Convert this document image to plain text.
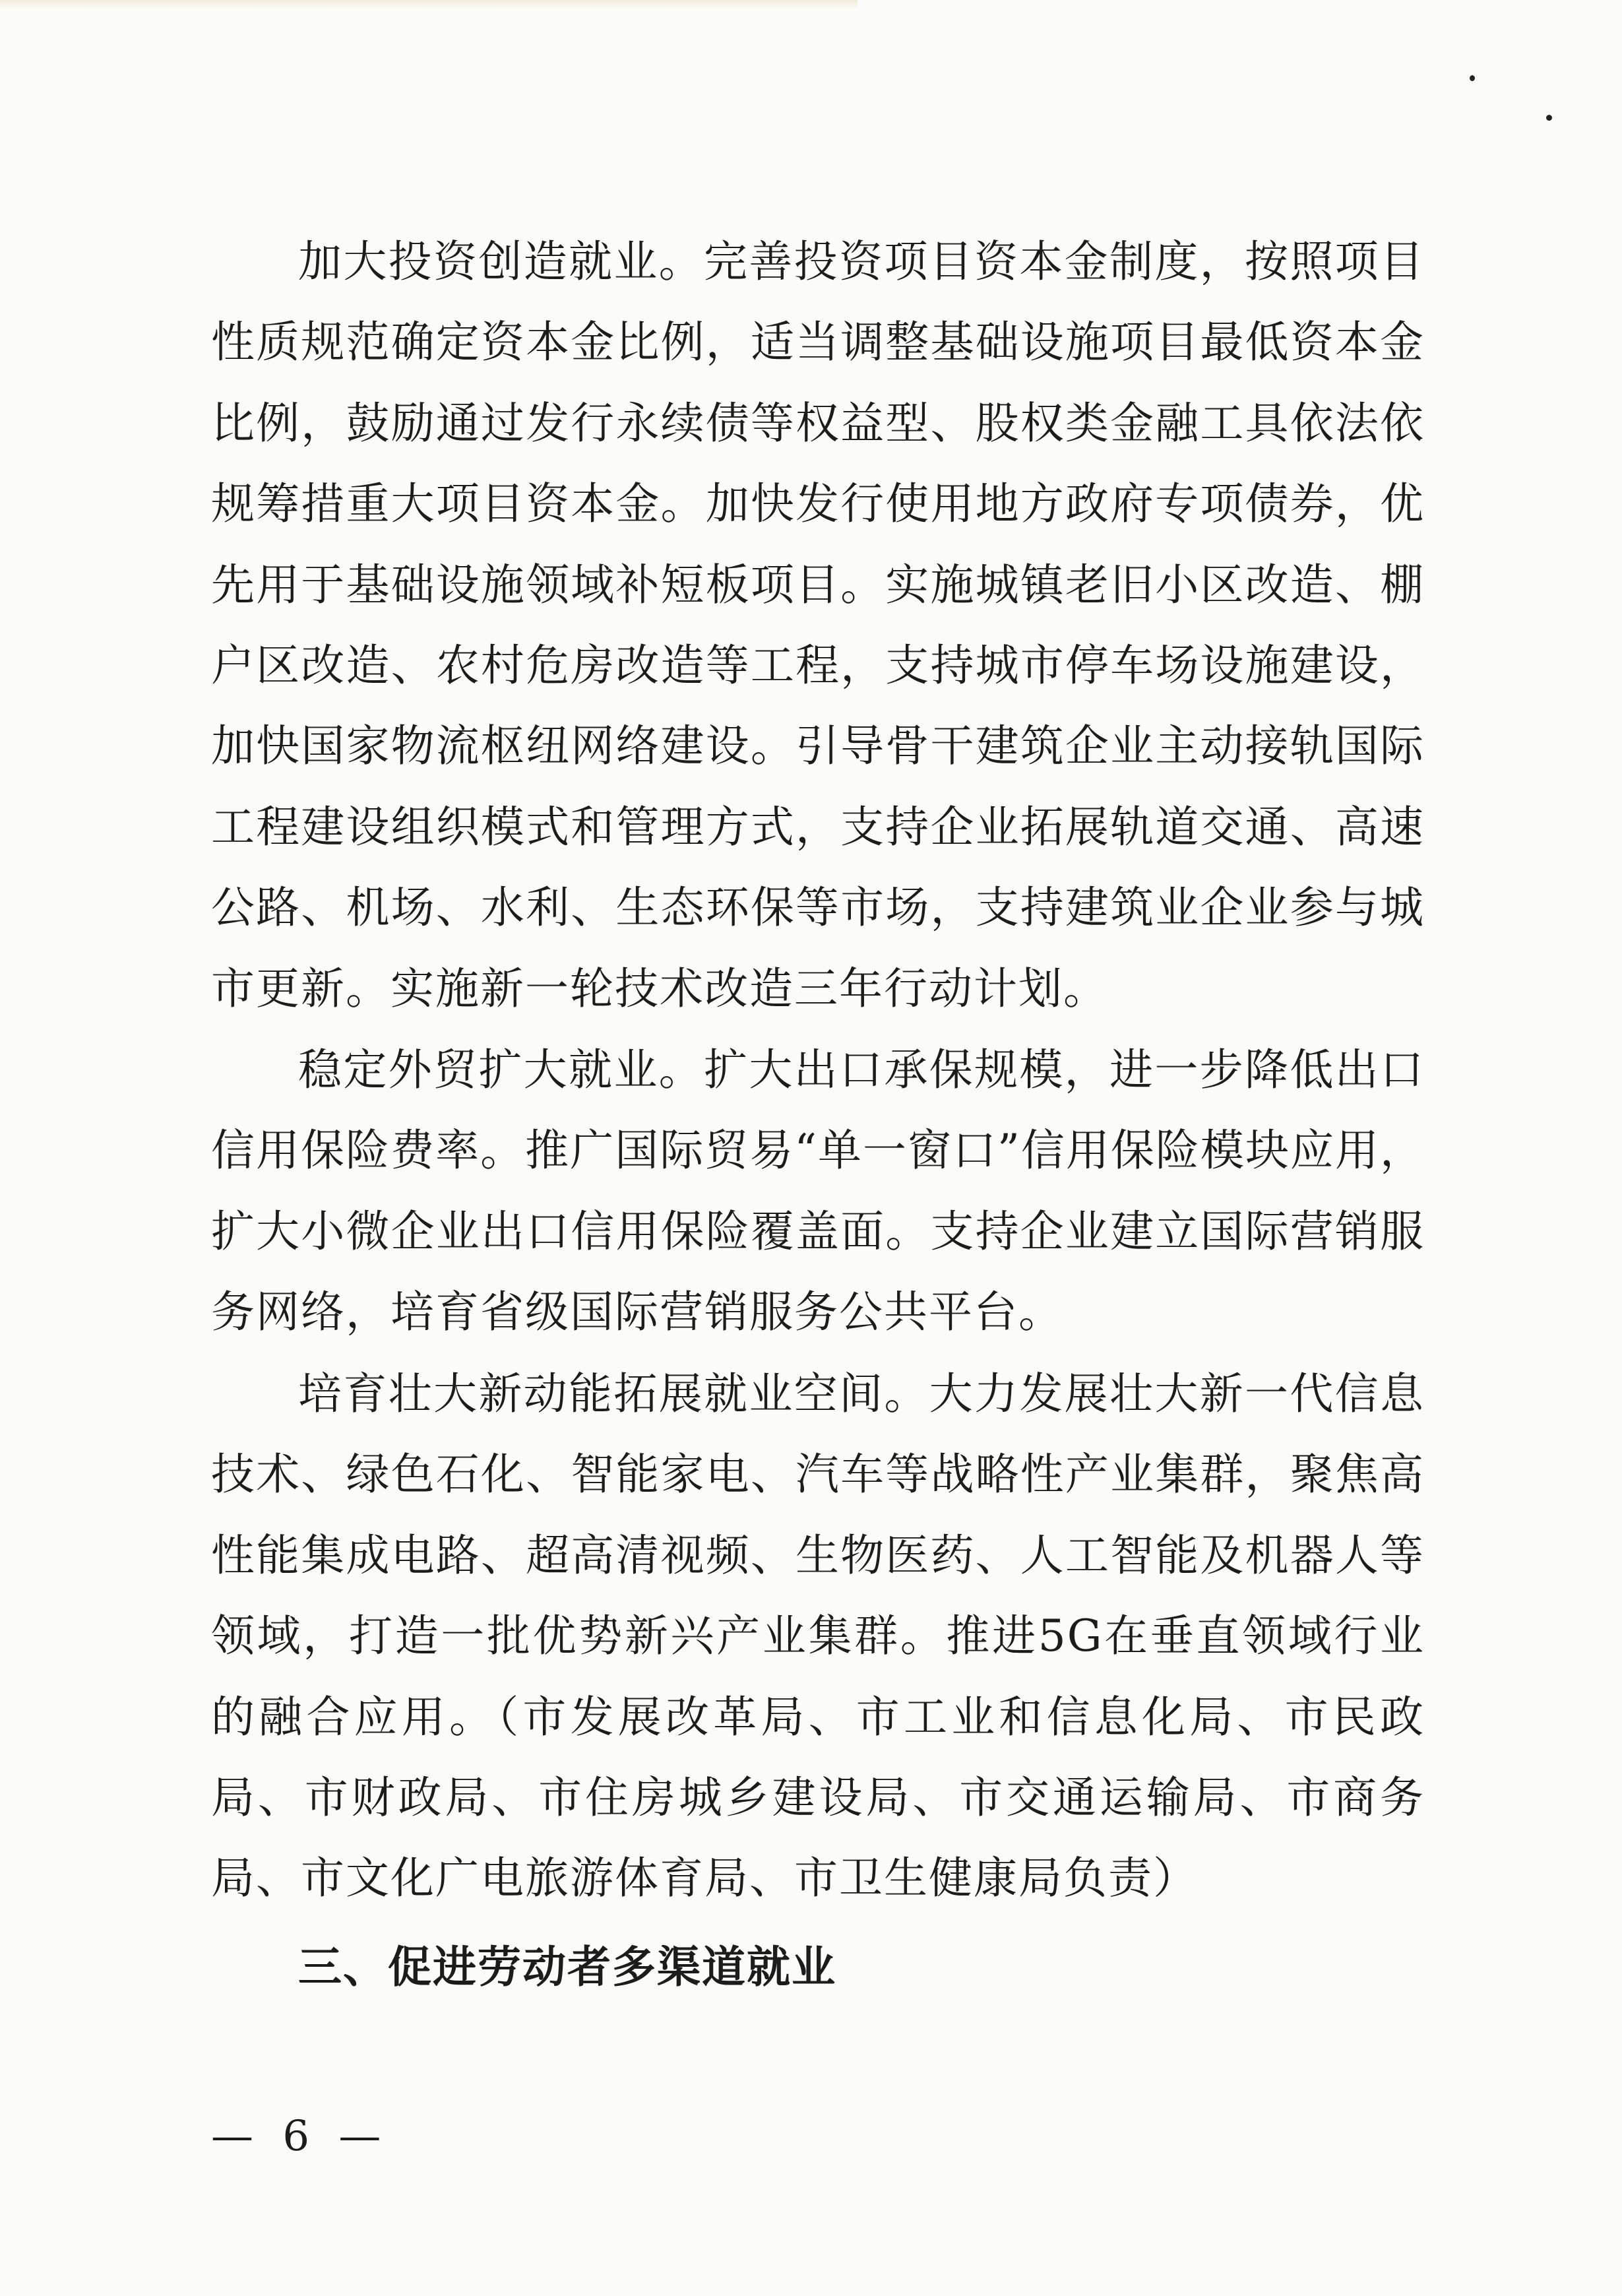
加大投资创造就业。完善投资项目资本金制度，按照项目性质规范确定资本金比例，适当调整基础设施项目最低资本金比例，鼓励通过发行永续债等权益型、股权类金融工具依法依规筹措重大项目资本金。加快发行使用地方政府专项债券，优先用于基础设施领域补短板项目。实施城镇老旧小区改造、棚户区改造、农村危房改造等工程，支持城市停车场设施建设，加快国家物流枢纽网络建设。引导骨干建筑企业主动接轨国际工程建设组织模式和管理方式，支持企业拓展轨道交通、高速公路、机场、水利、生态环保等市场，支持建筑业企业参与城市更新。实施新一轮技术改造三年行动计划。

稳定外贸扩大就业。扩大出口承保规模，进一步降低出口信用保险费率。推广国际贸易“单一窗口”信用保险模块应用，扩大小微企业出口信用保险覆盖面。支持企业建立国际营销服务网络，培育省级国际营销服务公共平台。

培育壮大新动能拓展就业空间。大力发展壮大新一代信息技术、绿色石化、智能家电、汽车等战略性产业集群，聚焦高性能集成电路、超高清视频、生物医药、人工智能及机器人等领域，打造一批优势新兴产业集群。推进5G在垂直领域行业的融合应用。（市发展改革局、市工业和信息化局、市民政局、市财政局、市住房城乡建设局、市交通运输局、市商务局、市文化广电旅游体育局、市卫生健康局负责）

三、促进劳动者多渠道就业
— 6 —
